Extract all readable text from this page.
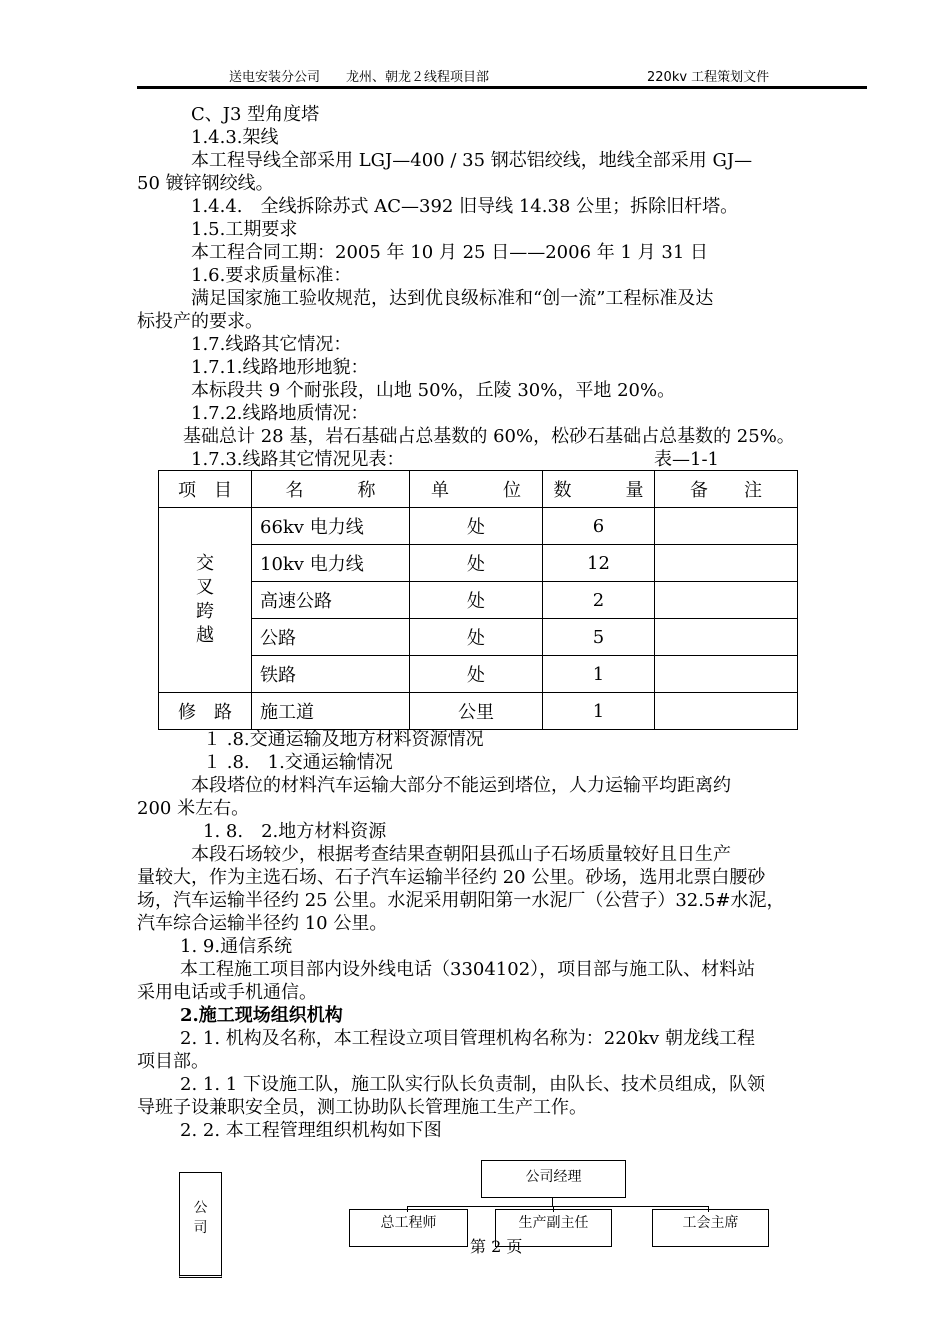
送电安装分公司 龙州、朝龙２线程项目部	220kv 工程策划文件
C、J3 型角度塔
1.4.3.架线
本工程导线全部采用 LGJ—400 / 35 钢芯铝绞线，地线全部采用 GJ—
50 镀锌钢绞线。
1.4.4.　全线拆除苏式 AC—392 旧导线 14.38 公里；拆除旧杆塔。
1.5.工期要求
本工程合同工期：2005 年 10 月 25 日——2006 年 1 月 31 日
1.6.要求质量标准：
满足国家施工验收规范，达到优良级标准和“创一流”工程标准及达
标投产的要求。
1.7.线路其它情况：
1.7.1.线路地形地貌：
本标段共 9 个耐张段，山地 50%，丘陵 30%，平地 20%。
1.7.2.线路地质情况：
基础总计 28 基，岩石基础占总基数的 60%，松砂石基础占总基数的 25%。
1.7.3.线路其它情况见表：	表—1-1
项　目	名　　　称	单　　　位	数　　　量	备　　注

交叉跨越	66kv 电力线	处	6	
	10kv 电力线	处	12	
	高速公路	处	2	
	公路	处	5	
	铁路	处	1	
修　路	施工道	公里	1	
１ .8.交通运输及地方材料资源情况
１ .8.　1.交通运输情况
本段塔位的材料汽车运输大部分不能运到塔位，人力运输平均距离约
200 米左右。
1. 8.　2.地方材料资源
本段石场较少，根据考查结果查朝阳县孤山子石场质量较好且日生产
量较大，作为主选石场、石子汽车运输半径约 20 公里。砂场，选用北票白腰砂
场，汽车运输半径约 25 公里。水泥采用朝阳第一水泥厂（公营子）32.5#水泥，
汽车综合运输半径约 10 公里。
1. 9.通信系统
本工程施工项目部内设外线电话（3304102），项目部与施工队、材料站
采用电话或手机通信。
2.施工现场组织机构
2. 1. 机构及名称，本工程设立项目管理机构名称为：220kv 朝龙线工程
项目部。
2. 1. 1 下设施工队，施工队实行队长负责制，由队长、技术员组成，队领
导班子设兼职安全员，测工协助队长管理施工生产工作。
2. 2. 本工程管理组织机构如下图
公司
公司经理
总工程师	生产副主任	工会主席
第 2 页
